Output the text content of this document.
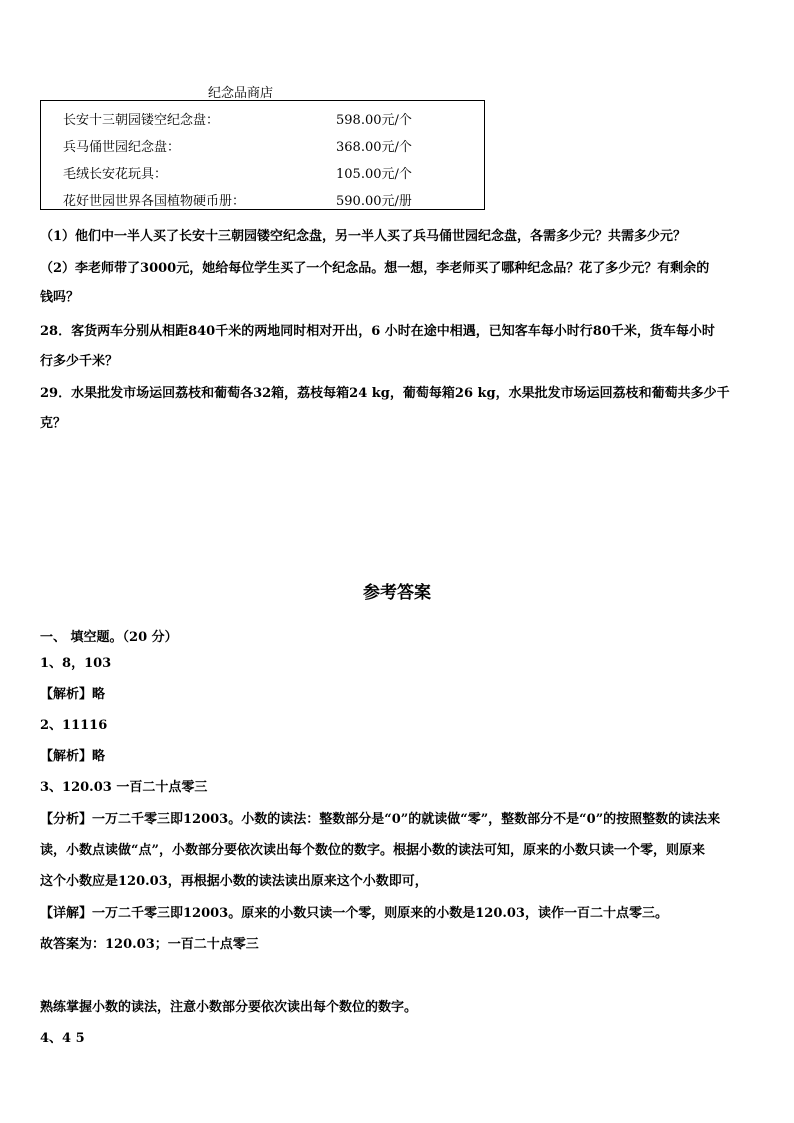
纪念品商店
长安十三朝园镂空纪念盘：	598.00元/个
兵马俑世园纪念盘：	368.00元/个
毛绒长安花玩具：	105.00元/个
花好世园世界各国植物硬币册：	590.00元/册
（1）他们中一半人买了长安十三朝园镂空纪念盘，另一半人买了兵马俑世园纪念盘，各需多少元？共需多少元？
（2）李老师带了3000元，她给每位学生买了一个纪念品。想一想，李老师买了哪种纪念品？花了多少元？有剩余的
钱吗？
28．客货两车分别从相距840千米的两地同时相对开出，6 小时在途中相遇，已知客车每小时行80千米，货车每小时
行多少千米？
29．水果批发市场运回荔枝和葡萄各32箱，荔枝每箱24 kg，葡萄每箱26 kg，水果批发市场运回荔枝和葡萄共多少千
克？
参考答案
一、 填空题。（20 分）
1、8，103
【解析】略
2、11116
【解析】略
3、120.03 一百二十点零三
【分析】一万二千零三即12003。小数的读法：整数部分是“0”的就读做“零”，整数部分不是“0”的按照整数的读法来
读，小数点读做“点”，小数部分要依次读出每个数位的数字。根据小数的读法可知，原来的小数只读一个零，则原来
这个小数应是120.03，再根据小数的读法读出原来这个小数即可，
【详解】一万二千零三即12003。原来的小数只读一个零，则原来的小数是120.03，读作一百二十点零三。
故答案为：120.03；一百二十点零三
熟练掌握小数的读法，注意小数部分要依次读出每个数位的数字。
4、4 5
